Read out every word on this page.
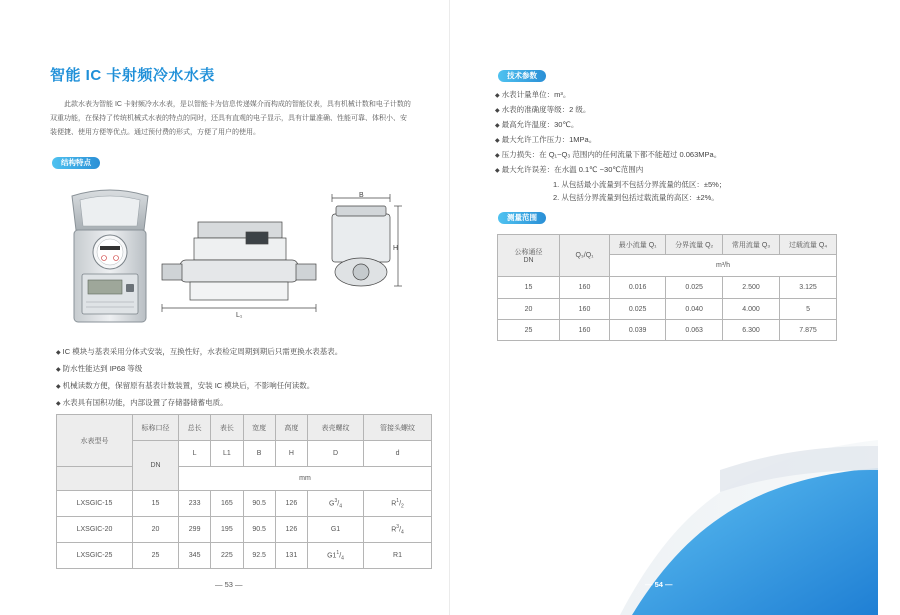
智能 IC 卡射频冷水水表

此款水表为智能 IC 卡射频冷水水表，是以智能卡为信息传递媒介而构成的智能仪表，具有机械计数和电子计数的双重功能，在保持了传统机械式水表的特点的同时，还具有直观的电子显示，具有计量准确、性能可靠、体积小、安装便捷、使用方便等优点。通过预付费的形式，方便了用户的使用。

结构特点
B
H
L₁
◆ IC 模块与基表采用分体式安装，互换性好，水表检定周期到期后只需更换水表基表。
◆ 防水性能达到 IP68 等级
◆ 机械读数方便，保留原有基表计数装置，安装 IC 模块后，不影响任何读数。
◆ 水表具有国积功能，内部设置了存储器储蓄电质。
水表型号	标称口径	总长	表长	宽度	高度	表壳螺纹	管接头螺纹
	DN	L	L1	B	H	D	d
		mm					
LXSGIC-15	15	233	165	90.5	126	$G^3/_4$	$R^1/_2$
LXSGIC-20	20	299	195	90.5	126	G1	$R^3/_4$
LXSGIC-25	25	345	225	92.5	131	$G1^1/_4$	R1
— 53 —
技术参数
◆ 水表计量单位：m³。
◆ 水表的准确度等级：2 级。
◆ 最高允许温度：30℃。
◆ 最大允许工作压力：1MPa。
◆ 压力损失：在 Q₁~Q₃ 范围内的任何流量下都不能超过 0.063MPa。
◆ 最大允许误差：在水温 0.1℃ ~30℃范围内
1. 从包括最小流量到不包括分界流量的低区：±5%；
2. 从包括分界流量到包括过载流量的高区：±2%。
测量范围
公称通径
DN	Q₃/Q₁	最小流量 Q₁	分界流量 Q₂	常用流量 Q₃	过载流量 Q₄
		m³/h			
15	160	0.016	0.025	2.500	3.125
20	160	0.025	0.040	4.000	5
25	160	0.039	0.063	6.300	7.875
— 54 —
